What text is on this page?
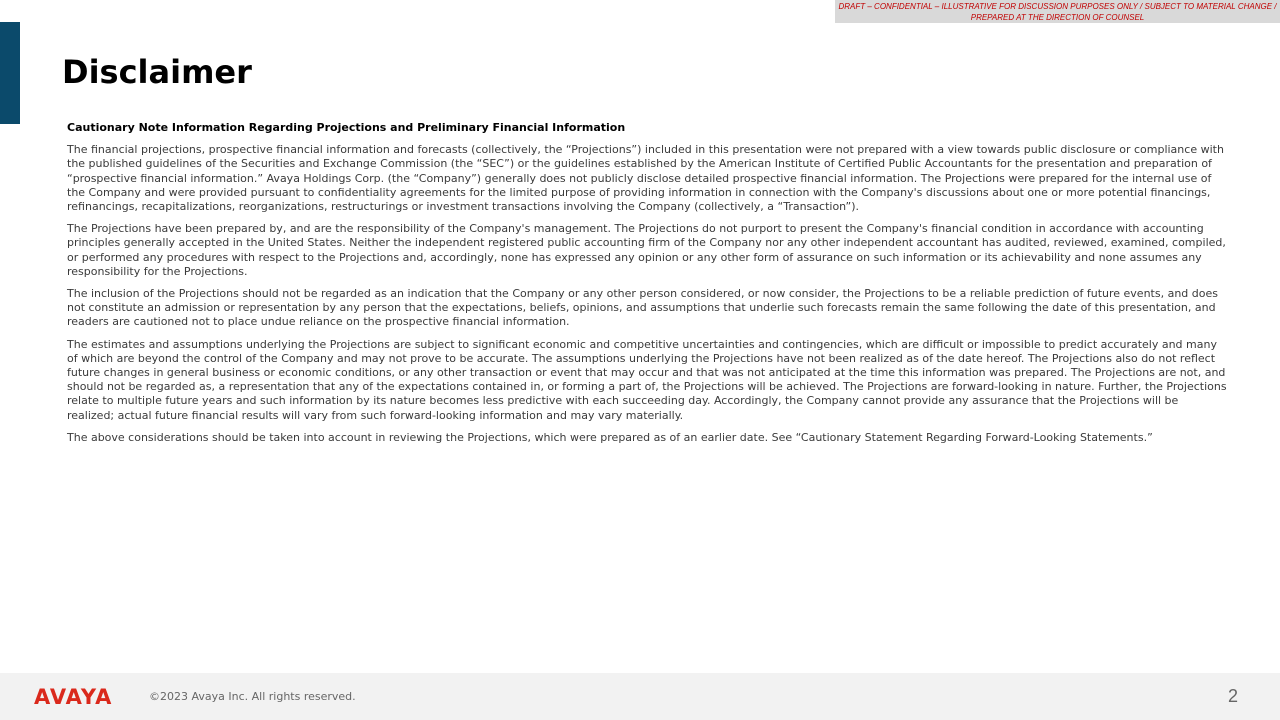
DRAFT – CONFIDENTIAL – ILLUSTRATIVE FOR DISCUSSION PURPOSES ONLY / SUBJECT TO MATERIAL CHANGE / PREPARED AT THE DIRECTION OF COUNSEL
Disclaimer
Cautionary Note Information Regarding Projections and Preliminary Financial Information

The financial projections, prospective financial information and forecasts (collectively, the “Projections”) included in this presentation were not prepared with a view towards public disclosure or compliance with the published guidelines of the Securities and Exchange Commission (the “SEC”) or the guidelines established by the American Institute of Certified Public Accountants for the presentation and preparation of “prospective financial information.” Avaya Holdings Corp. (the “Company”) generally does not publicly disclose detailed prospective financial information. The Projections were prepared for the internal use of the Company and were provided pursuant to confidentiality agreements for the limited purpose of providing information in connection with the Company's discussions about one or more potential financings, refinancings, recapitalizations, reorganizations, restructurings or investment transactions involving the Company (collectively, a “Transaction”).

The Projections have been prepared by, and are the responsibility of the Company's management. The Projections do not purport to present the Company's financial condition in accordance with accounting principles generally accepted in the United States. Neither the independent registered public accounting firm of the Company nor any other independent accountant has audited, reviewed, examined, compiled, or performed any procedures with respect to the Projections and, accordingly, none has expressed any opinion or any other form of assurance on such information or its achievability and none assumes any responsibility for the Projections.

The inclusion of the Projections should not be regarded as an indication that the Company or any other person considered, or now consider, the Projections to be a reliable prediction of future events, and does not constitute an admission or representation by any person that the expectations, beliefs, opinions, and assumptions that underlie such forecasts remain the same following the date of this presentation, and readers are cautioned not to place undue reliance on the prospective financial information.

The estimates and assumptions underlying the Projections are subject to significant economic and competitive uncertainties and contingencies, which are difficult or impossible to predict accurately and many of which are beyond the control of the Company and may not prove to be accurate. The assumptions underlying the Projections have not been realized as of the date hereof. The Projections also do not reflect future changes in general business or economic conditions, or any other transaction or event that may occur and that was not anticipated at the time this information was prepared. The Projections are not, and should not be regarded as, a representation that any of the expectations contained in, or forming a part of, the Projections will be achieved. The Projections are forward-looking in nature. Further, the Projections relate to multiple future years and such information by its nature becomes less predictive with each succeeding day. Accordingly, the Company cannot provide any assurance that the Projections will be realized; actual future financial results will vary from such forward-looking information and may vary materially.

The above considerations should be taken into account in reviewing the Projections, which were prepared as of an earlier date. See “Cautionary Statement Regarding Forward-Looking Statements.”

AVAYA	©2023 Avaya Inc. All rights reserved.	2
